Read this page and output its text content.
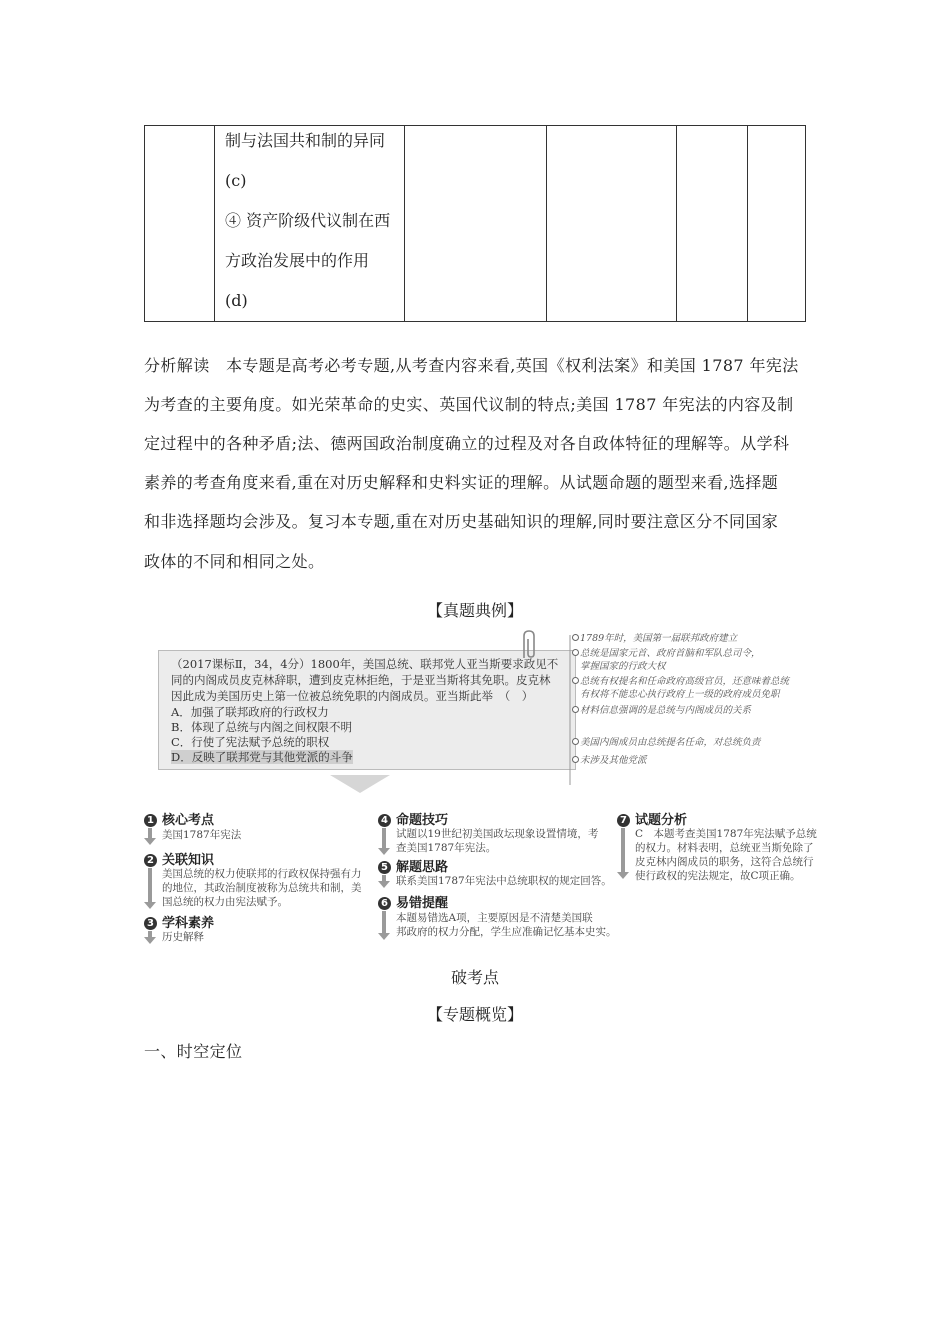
制与法国共和制的异同
(c)
④ 资产阶级代议制在西
方政治发展中的作用
(d)
分析解读　本专题是高考必考专题,从考查内容来看,英国《权利法案》和美国 1787 年宪法
为考查的主要角度。如光荣革命的史实、英国代议制的特点;美国 1787 年宪法的内容及制
定过程中的各种矛盾;法、德两国政治制度确立的过程及对各自政体特征的理解等。从学科
素养的考查角度来看,重在对历史解释和史料实证的理解。从试题命题的题型来看,选择题
和非选择题均会涉及。复习本专题,重在对历史基础知识的理解,同时要注意区分不同国家
政体的不同和相同之处。
【真题典例】
（2017课标Ⅱ，34，4分）1800年，美国总统、联邦党人亚当斯要求政见不
同的内阁成员皮克林辞职，遭到皮克林拒绝，于是亚当斯将其免职。皮克林
因此成为美国历史上第一位被总统免职的内阁成员。亚当斯此举　（　）
A．加强了联邦政府的行政权力
B．体现了总统与内阁之间权限不明
C．行使了宪法赋予总统的职权
D．反映了联邦党与其他党派的斗争
1789年时，美国第一届联邦政府建立
总统是国家元首、政府首脑和军队总司令，
掌握国家的行政大权
总统有权提名和任命政府高级官员，还意味着总统
有权将不能忠心执行政府上一级的政府成员免职
材料信息强调的是总统与内阁成员的关系
美国内阁成员由总统提名任命，对总统负责
未涉及其他党派
1 核心考点
美国1787年宪法
2 关联知识
美国总统的权力使联邦的行政权保持强有力
的地位，其政治制度被称为总统共和制，美
国总统的权力由宪法赋予。
3 学科素养
历史解释
4 命题技巧
试题以19世纪初美国政坛现象设置情境，考
查美国1787年宪法。
5 解题思路
联系美国1787年宪法中总统职权的规定回答。
6 易错提醒
本题易错选A项，主要原因是不清楚美国联
邦政府的权力分配，学生应准确记忆基本史实。
7 试题分析
C　本题考查美国1787年宪法赋予总统
的权力。材料表明，总统亚当斯免除了
皮克林内阁成员的职务，这符合总统行
使行政权的宪法规定，故C项正确。
破考点
【专题概览】
一、时空定位
